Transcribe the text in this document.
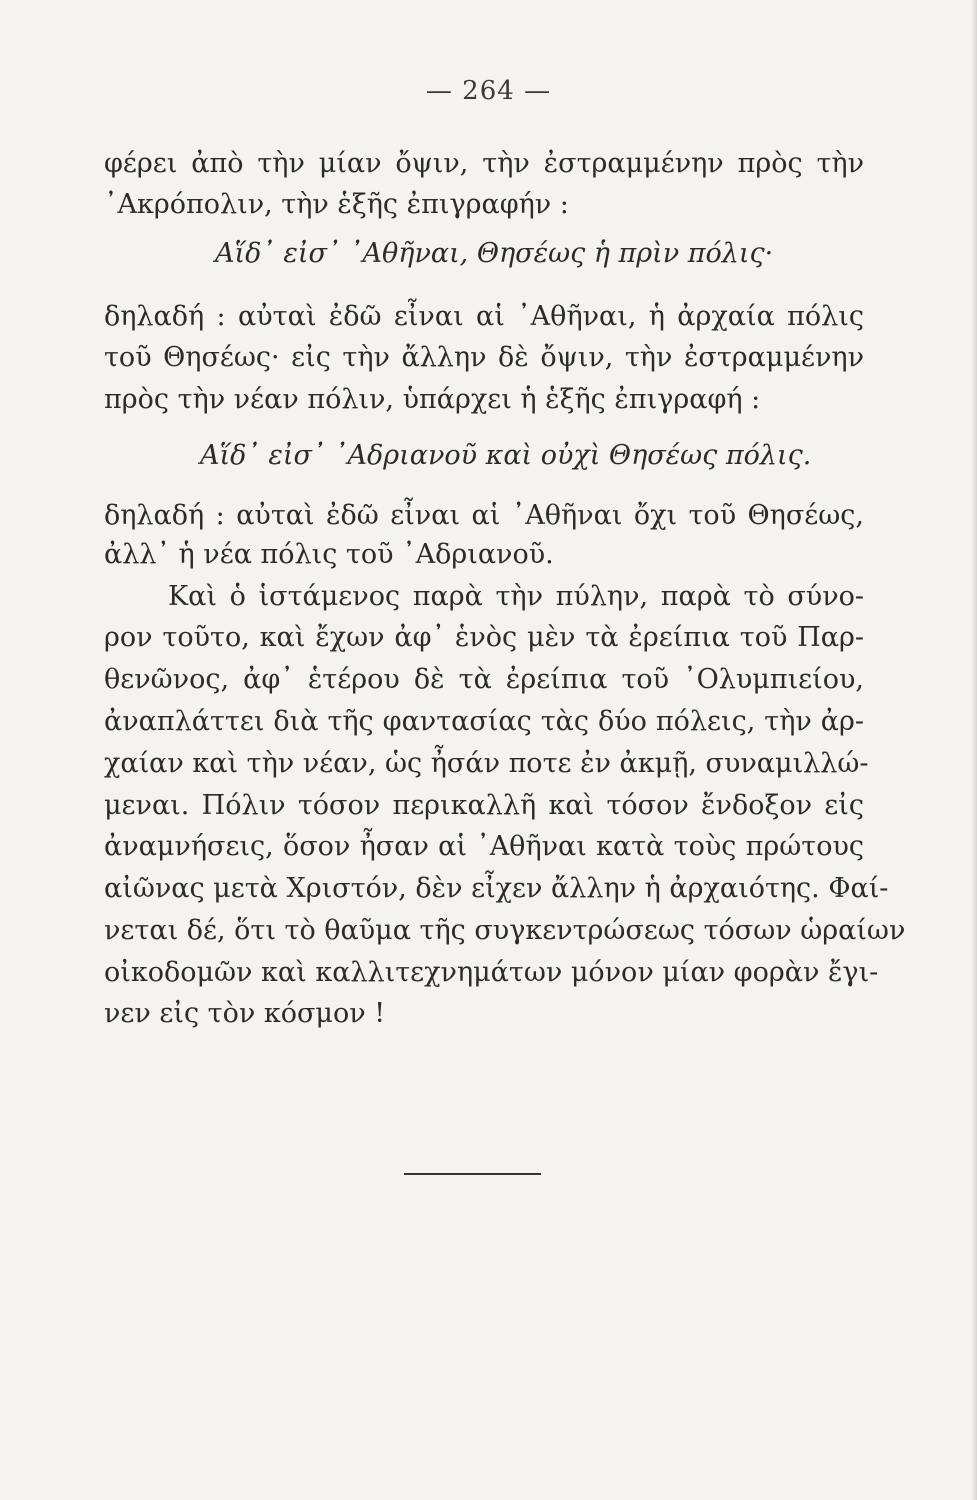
— 264 —
φέρει ἀπὸ τὴν μίαν ὄψιν, τὴν ἐστραμμένην πρὸς τὴν
᾽Ακρόπολιν, τὴν ἑξῆς ἐπιγραφήν :
Αἵδ᾽ εἰσ᾽ ᾽Αθῆναι, Θησέως ἡ πρὶν πόλις·
δηλαδή : αὐταὶ ἐδῶ εἶναι αἱ ᾽Αθῆναι, ἡ ἀρχαία πόλις
τοῦ Θησέως· εἰς τὴν ἄλλην δὲ ὄψιν, τὴν ἐστραμμένην
πρὸς τὴν νέαν πόλιν, ὑπάρχει ἡ ἑξῆς ἐπιγραφή :
Αἵδ᾽ εἰσ᾽ ᾽Αδριανοῦ καὶ οὐχὶ Θησέως πόλις.
δηλαδή : αὐταὶ ἐδῶ εἶναι αἱ ᾽Αθῆναι ὄχι τοῦ Θησέως,
ἀλλ᾽ ἡ νέα πόλις τοῦ ᾽Αδριανοῦ.
Καὶ ὁ ἱστάμενος παρὰ τὴν πύλην, παρὰ τὸ σύνο-
ρον τοῦτο, καὶ ἔχων ἀφ᾽ ἑνὸς μὲν τὰ ἐρείπια τοῦ Παρ-
θενῶνος, ἀφ᾽ ἑτέρου δὲ τὰ ἐρείπια τοῦ ᾽Ολυμπιείου,
ἀναπλάττει διὰ τῆς φαντασίας τὰς δύο πόλεις, τὴν ἀρ-
χαίαν καὶ τὴν νέαν, ὡς ἦσάν ποτε ἐν ἀκμῇ, συναμιλλώ-
μεναι. Πόλιν τόσον περικαλλῆ καὶ τόσον ἔνδοξον εἰς
ἀναμνήσεις, ὅσον ἦσαν αἱ ᾽Αθῆναι κατὰ τοὺς πρώτους
αἰῶνας μετὰ Χριστόν, δὲν εἶχεν ἄλλην ἡ ἀρχαιότης. Φαί-
νεται δέ, ὅτι τὸ θαῦμα τῆς συγκεντρώσεως τόσων ὡραίων
οἰκοδομῶν καὶ καλλιτεχνημάτων μόνον μίαν φορὰν ἔγι-
νεν εἰς τὸν κόσμον !
